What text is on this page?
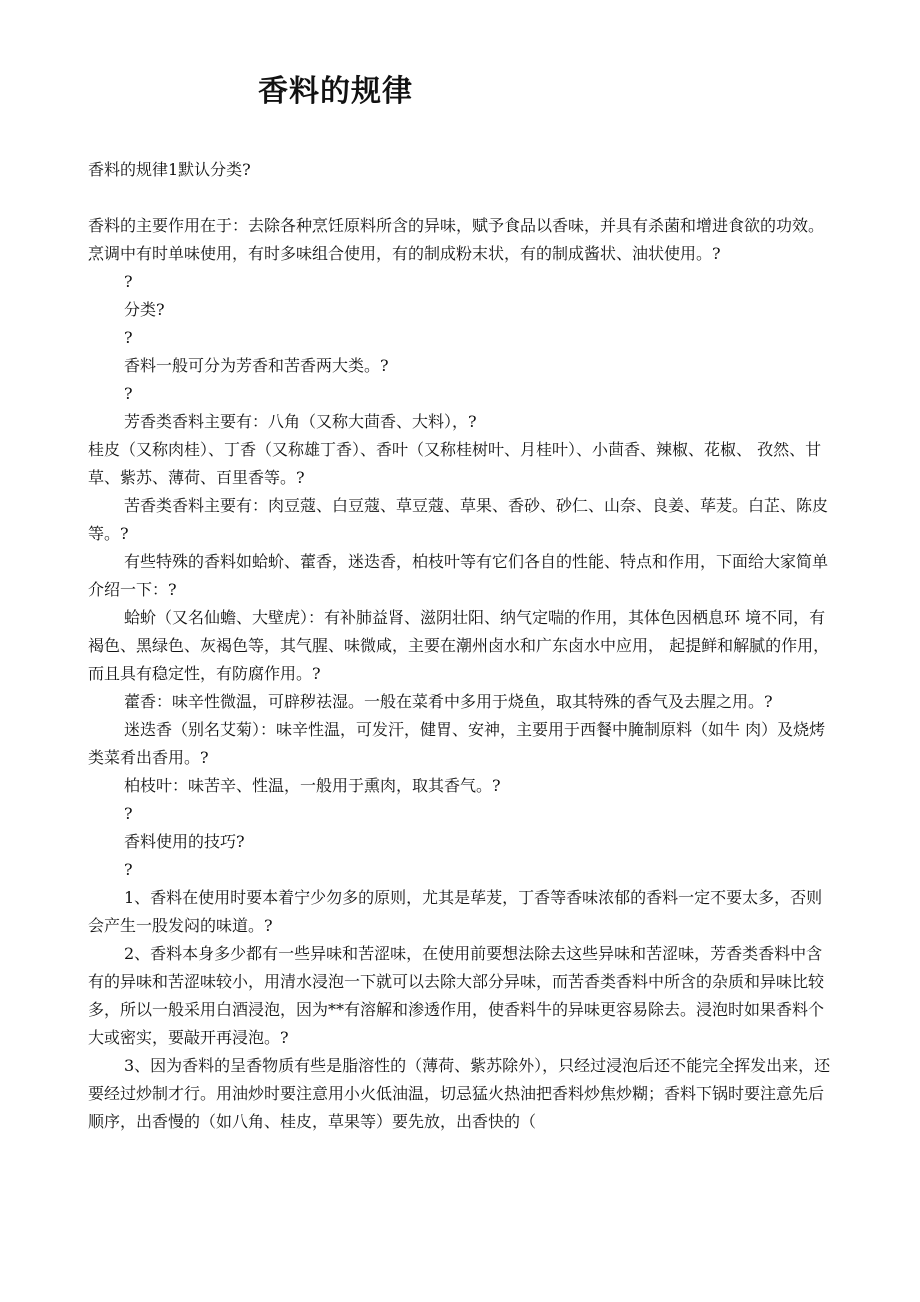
香料的规律

香料的规律1默认分类?

香料的主要作用在于：去除各种烹饪原料所含的异味，赋予食品以香味，并具有杀菌和增进食欲的功效。烹调中有时单味使用，有时多味组合使用，有的制成粉末状，有的制成酱状、油状使用。?

?

分类?

?

香料一般可分为芳香和苦香两大类。?

?

芳香类香料主要有：八角（又称大茴香、大料），?

桂皮（又称肉桂）、丁香（又称雄丁香）、香叶（又称桂树叶、月桂叶）、小茴香、辣椒、花椒、 孜然、甘草、紫苏、薄荷、百里香等。?

苦香类香料主要有：肉豆蔻、白豆蔻、草豆蔻、草果、香砂、砂仁、山奈、良姜、荜茇。白芷、陈皮等。?

有些特殊的香料如蛤蚧、藿香，迷迭香，柏枝叶等有它们各自的性能、特点和作用，下面给大家简单介绍一下：?

蛤蚧（又名仙蟾、大壁虎）：有补肺益肾、滋阴壮阳、纳气定喘的作用，其体色因栖息环 境不同，有褐色、黑绿色、灰褐色等，其气腥、味微咸，主要在潮州卤水和广东卤水中应用， 起提鲜和解腻的作用，而且具有稳定性，有防腐作用。?

藿香：味辛性微温，可辟秽祛湿。一般在菜肴中多用于烧鱼，取其特殊的香气及去腥之用。?

迷迭香（别名艾菊）：味辛性温，可发汗，健胃、安神，主要用于西餐中腌制原料（如牛 肉）及烧烤类菜肴出香用。?

柏枝叶：味苦辛、性温，一般用于熏肉，取其香气。?

?

香料使用的技巧?

?

1、香料在使用时要本着宁少勿多的原则，尤其是荜茇，丁香等香味浓郁的香料一定不要太多，否则会产生一股发闷的味道。?

2、香料本身多少都有一些异味和苦涩味，在使用前要想法除去这些异味和苦涩味，芳香类香料中含有的异味和苦涩味较小，用清水浸泡一下就可以去除大部分异味，而苦香类香料中所含的杂质和异味比较多，所以一般采用白酒浸泡，因为**有溶解和渗透作用，使香料牛的异味更容易除去。浸泡时如果香料个大或密实，要敲开再浸泡。?

3、因为香料的呈香物质有些是脂溶性的（薄荷、紫苏除外），只经过浸泡后还不能完全挥发出来，还要经过炒制才行。用油炒时要注意用小火低油温，切忌猛火热油把香料炒焦炒糊；香料下锅时要注意先后顺序，出香慢的（如八角、桂皮，草果等）要先放，出香快的（
